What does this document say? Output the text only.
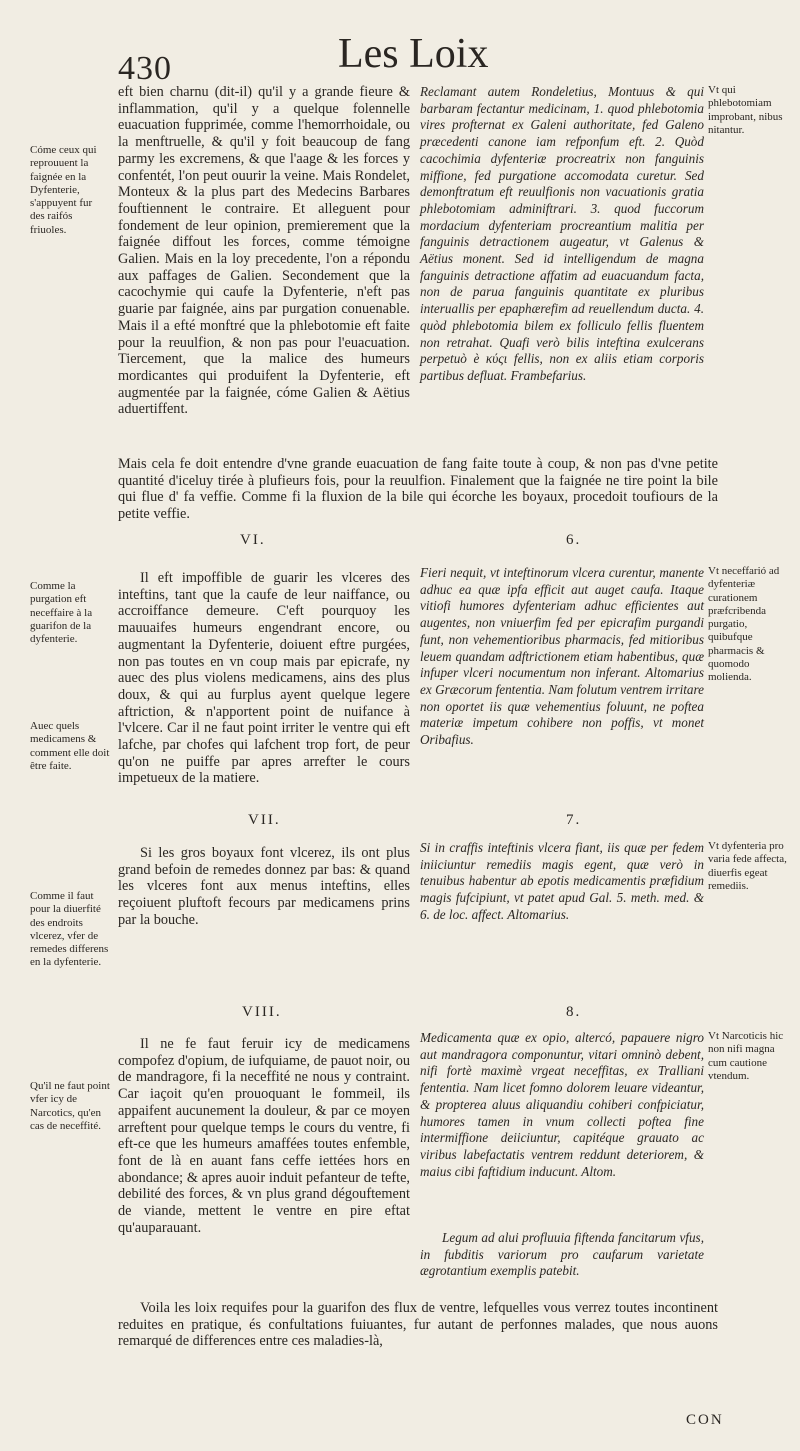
430	Les Loix
Cóme ceux qui reprouuent la faignée en la Dyfenterie, s'appuyent fur des raifós friuoles.
Comme la purgation eft neceffaire à la guarifon de la dyfenterie.
Auec quels medicamens & comment elle doit être faite.
Comme il faut pour la diuerfité des endroits vlcerez, vfer de remedes differens en la dyfenterie.
Qu'il ne faut point vfer icy de Narcotics, qu'en cas de neceffité.
Vt qui phlebotomiam improbant, nibus nitantur.
Vt neceffarió ad dyfenteriæ curationem præfcribenda purgatio, quibufque pharmacis & quomodo molienda.
Vt dyfenteria pro varia fede affecta, diuerfis egeat remediis.
Vt Narcoticis hic non nifi magna cum cautione vtendum.

eft bien charnu (dit-il) qu'il y a grande fieure & inflammation, qu'il y a quelque folennelle euacuation fupprimée, comme l'hemorrhoidale, ou la menftruelle, & qu'il y foit beaucoup de fang parmy les excremens, & que l'aage & les forces y confentét, l'on peut ouurir la veine. Mais Rondelet, Monteux & la plus part des Medecins Barbares fouftiennent le contraire. Et alleguent pour fondement de leur opinion, premierement que la faignée diffout les forces, comme témoigne Galien. Mais en la loy precedente, l'on a répondu aux paffages de Galien. Secondement que la cacochymie qui caufe la Dyfenterie, n'eft pas guarie par faignée, ains par purgation conuenable. Mais il a efté monftré que la phlebotomie eft faite pour la reuulfion, & non pas pour l'euacuation. Tiercement, que la malice des humeurs mordicantes qui produifent la Dyfenterie, eft augmentée par la faignée, cóme Galien & Aëtius aduertiffent.

Reclamant autem Rondeletius, Montuus & qui barbaram fectantur medicinam, 1. quod phlebotomia vires profternat ex Galeni authoritate, fed Galeno præcedenti canone iam refponfum eft. 2. Quòd cacochimia dyfenteriæ procreatrix non fanguinis miffione, fed purgatione accomodata curetur. Sed demonftratum eft reuulfionis non vacuationis gratia phlebotomiam adminiftrari. 3. quod fuccorum mordacium dyfenteriam procreantium malitia per fanguinis detractionem augeatur, vt Galenus & Aëtius monent. Sed id intelligendum de magna fanguinis detractione affatim ad euacuandum facta, non de parua fanguinis quantitate ex pluribus interuallis per epaphærefim ad reuellendum ducta. 4. quòd phlebotomia bilem ex folliculo fellis fluentem non retrahat. Quafi verò bilis inteftina exulcerans perpetuò è κύςι fellis, non ex aliis etiam corporis partibus defluat. Frambefarius.

Mais cela fe doit entendre d'vne grande euacuation de fang faite toute à coup, & non pas d'vne petite quantité d'iceluy tirée à plufieurs fois, pour la reuulfion. Finalement que la faignée ne tire point la bile qui flue d' fa veffie. Comme fi la fluxion de la bile qui écorche les boyaux, procedoit toufiours de la petite veffie.

VI.	6.

Il eft impoffible de guarir les vlceres des inteftins, tant que la caufe de leur naiffance, ou accroiffance demeure. C'eft pourquoy les mauuaifes humeurs engendrant encore, ou augmentant la Dyfenterie, doiuent eftre purgées, non pas toutes en vn coup mais par epicrafe, ny auec des plus violens medicamens, ains des plus doux, & qui au furplus ayent quelque legere aftriction, & n'apportent point de nuifance à l'vlcere. Car il ne faut point irriter le ventre qui eft lafche, par chofes qui lafchent trop fort, de peur qu'on ne puiffe par apres arrefter le cours impetueux de la matiere.

Fieri nequit, vt inteftinorum vlcera curentur, manente adhuc ea quæ ipfa efficit aut auget caufa. Itaque vitiofi humores dyfenteriam adhuc efficientes aut augentes, non vniuerfim fed per epicrafim purgandi funt, non vehementioribus pharmacis, fed mitioribus leuem quandam adftrictionem etiam habentibus, quæ infuper vlceri nocumentum non inferant. Altomarius ex Græcorum fententia. Nam folutum ventrem irritare non oportet iis quæ vehementius foluunt, ne poftea materiæ impetum cohibere non poffis, vt monet Oribafius.

VII.	7.

Si les gros boyaux font vlcerez, ils ont plus grand befoin de remedes donnez par bas: & quand les vlceres font aux menus inteftins, elles reçoiuent pluftoft fecours par medicamens prins par la bouche.

Si in craffis inteftinis vlcera fiant, iis quæ per fedem iniiciuntur remediis magis egent, quæ verò in tenuibus habentur ab epotis medicamentis præfidium magis fufcipiunt, vt patet apud Gal. 5. meth. med. & 6. de loc. affect. Altomarius.

VIII.	8.

Il ne fe faut feruir icy de medicamens compofez d'opium, de iufquiame, de pauot noir, ou de mandragore, fi la neceffité ne nous y contraint. Car iaçoit qu'en prouoquant le fommeil, ils appaifent aucunement la douleur, & par ce moyen arreftent pour quelque temps le cours du ventre, fi eft-ce que les humeurs amaffées toutes enfemble, font de là en auant fans ceffe iettées hors en abondance; & apres auoir induit pefanteur de tefte, debilité des forces, & vn plus grand dégouftement de viande, mettent le ventre en pire eftat qu'auparauant.

Medicamenta quæ ex opio, altercó, papauere nigro aut mandragora componuntur, vitari omninò debent, nifi fortè maximè vrgeat neceffitas, ex Tralliani fententia. Nam licet fomno dolorem leuare videantur, & propterea aluus aliquandiu cohiberi confpiciatur, humores tamen in vnum collecti poftea fine intermiffione deiiciuntur, capitéque grauato ac viribus labefactatis ventrem reddunt deteriorem, & maius cibi faftidium inducunt. Altom.

Legum ad alui profluuia fiftenda fancitarum vfus, in fubditis variorum pro caufarum varietate ægrotantium exemplis patebit.

Voila les loix requifes pour la guarifon des flux de ventre, lefquelles vous verrez toutes incontinent reduites en pratique, és confultations fuiuantes, fur autant de perfonnes malades, que nous auons remarqué de differences entre ces maladies-là,

CON
